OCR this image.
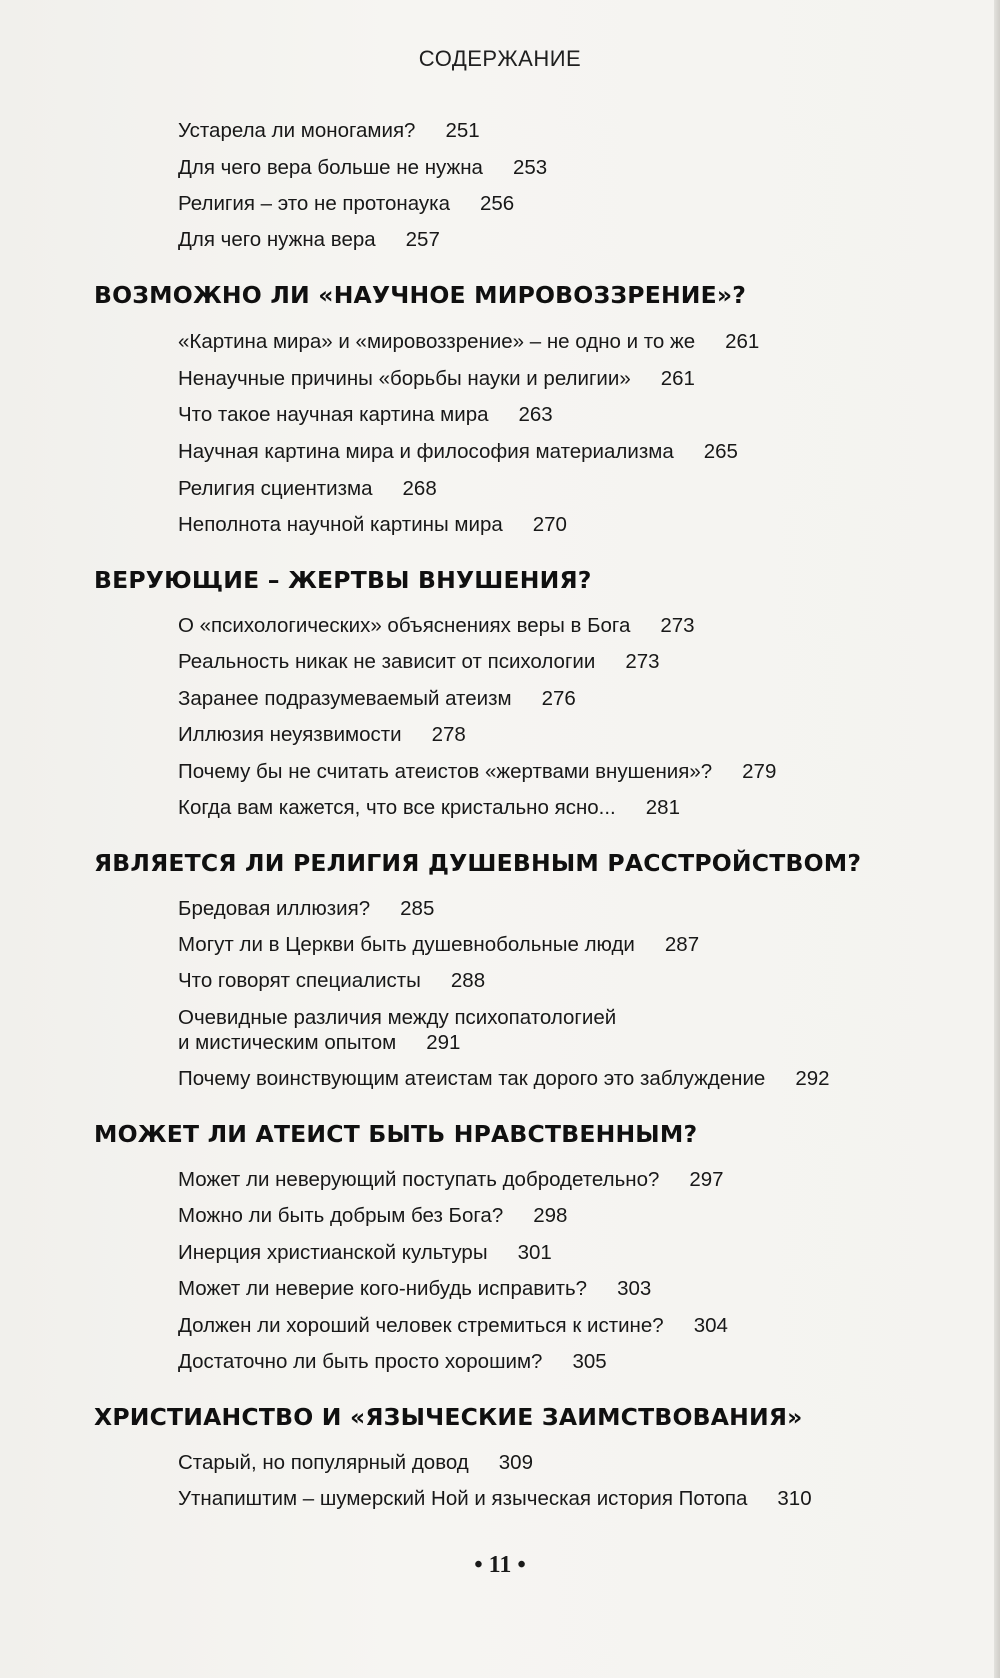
СОДЕРЖАНИЕ
Устарела ли моногамия? 251
Для чего вера больше не нужна 253
Религия – это не протонаука 256
Для чего нужна вера 257
ВОЗМОЖНО ЛИ «НАУЧНОЕ МИРОВОЗЗРЕНИЕ»?
«Картина мира» и «мировоззрение» – не одно и то же 261
Ненаучные причины «борьбы науки и религии» 261
Что такое научная картина мира 263
Научная картина мира и философия материализма 265
Религия сциентизма 268
Неполнота научной картины мира 270
ВЕРУЮЩИЕ – ЖЕРТВЫ ВНУШЕНИЯ?
О «психологических» объяснениях веры в Бога 273
Реальность никак не зависит от психологии 273
Заранее подразумеваемый атеизм 276
Иллюзия неуязвимости 278
Почему бы не считать атеистов «жертвами внушения»? 279
Когда вам кажется, что все кристально ясно... 281
ЯВЛЯЕТСЯ ЛИ РЕЛИГИЯ ДУШЕВНЫМ РАССТРОЙСТВОМ?
Бредовая иллюзия? 285
Могут ли в Церкви быть душевнобольные люди 287
Что говорят специалисты 288
Очевидные различия между психопатологией
и мистическим опытом 291
Почему воинствующим атеистам так дорого это заблуждение 292
МОЖЕТ ЛИ АТЕИСТ БЫТЬ НРАВСТВЕННЫМ?
Может ли неверующий поступать добродетельно? 297
Можно ли быть добрым без Бога? 298
Инерция христианской культуры 301
Может ли неверие кого-нибудь исправить? 303
Должен ли хороший человек стремиться к истине? 304
Достаточно ли быть просто хорошим? 305
ХРИСТИАНСТВО И «ЯЗЫЧЕСКИЕ ЗАИМСТВОВАНИЯ»
Старый, но популярный довод 309
Утнапиштим – шумерский Ной и языческая история Потопа 310
• 11 •
